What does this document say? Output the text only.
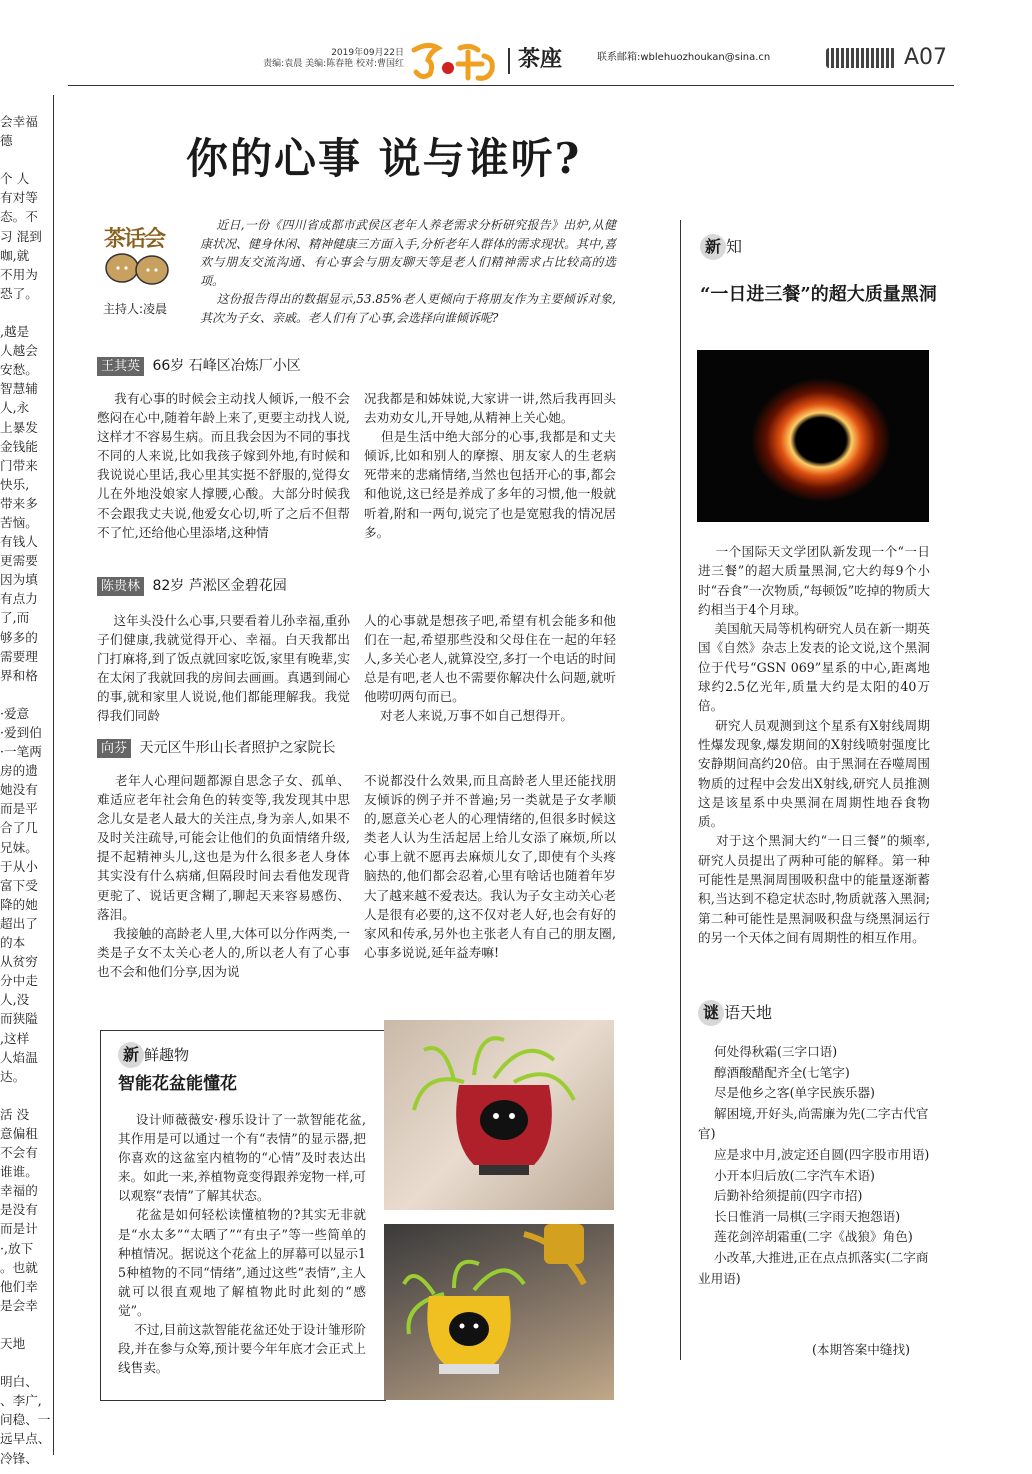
会幸福
德
个 人
有对等
态。不
习 混到
咖,就
不用为
恐了。
,越是
人越会
安愁。
智慧辅
人,永
上暴发
金钱能
门带来
快乐,
带来多
苦恼。
有钱人
更需要
因为填
有点力
了,而
够多的
需要理
界和格
·爱意
·爱到伯
·一笔两
房的遗
她没有
而是平
合了几
兄妹。
于从小
富下受
降的她
超出了
的本
从贫穷
分中走
人,没
而狭隘
,这样
人焰温
达。
活 没
意偏租
不会有
谁谁。
幸福的
是没有
而是计
·,放下
。也就
他们幸
是会幸
天地
明白、
、李广,
问稳、一
远早点、
冷锋、
2019年09月22日
责编:袁晨 美编:陈春艳 校对:曹国红	茶座	联系邮箱:wblehuozhoukan@sina.cn	A07
你的心事 说与谁听?
茶话会
主持人:凌晨
近日,一份《四川省成都市武侯区老年人养老需求分析研究报告》出炉,从健康状况、健身休闲、精神健康三方面入手,分析老年人群体的需求现状。其中,喜欢与朋友交流沟通、有心事会与朋友聊天等是老人们精神需求占比较高的选项。
这份报告得出的数据显示,53.85%老人更倾向于将朋友作为主要倾诉对象,其次为子女、亲戚。老人们有了心事,会选择向谁倾诉呢?
王其英 66岁 石峰区冶炼厂小区
我有心事的时候会主动找人倾诉,一般不会憋闷在心中,随着年龄上来了,更要主动找人说,这样才不容易生病。而且我会因为不同的事找不同的人来说,比如我孩子嫁到外地,有时候和我说说心里话,我心里其实挺不舒服的,觉得女儿在外地没娘家人撑腰,心酸。大部分时候我不会跟我丈夫说,他爱女心切,听了之后不但帮不了忙,还给他心里添堵,这种情
况我都是和姊妹说,大家讲一讲,然后我再回头去劝劝女儿,开导她,从精神上关心她。
但是生活中绝大部分的心事,我都是和丈夫倾诉,比如和别人的摩擦、朋友家人的生老病死带来的悲痛情绪,当然也包括开心的事,都会和他说,这已经是养成了多年的习惯,他一般就听着,附和一两句,说完了也是宽慰我的情况居多。
陈贵林 82岁 芦淞区金碧花园
这年头没什么心事,只要看着儿孙幸福,重孙子们健康,我就觉得开心、幸福。白天我都出门打麻将,到了饭点就回家吃饭,家里有晚辈,实在太闲了我就回我的房间去画画。真遇到闹心的事,就和家里人说说,他们都能理解我。我觉得我们同龄
人的心事就是想孩子吧,希望有机会能多和他们在一起,希望那些没和父母住在一起的年轻人,多关心老人,就算没空,多打一个电话的时间总是有吧,老人也不需要你解决什么问题,就听他唠叨两句而已。
对老人来说,万事不如自己想得开。
向芬 天元区牛形山长者照护之家院长
老年人心理问题都源自思念子女、孤单、难适应老年社会角色的转变等,我发现其中思念儿女是老人最大的关注点,身为亲人,如果不及时关注疏导,可能会让他们的负面情绪升级,提不起精神头儿,这也是为什么很多老人身体其实没有什么病痛,但隔段时间去看他发现背更驼了、说话更含糊了,聊起天来容易感伤、落泪。
我接触的高龄老人里,大体可以分作两类,一类是子女不太关心老人的,所以老人有了心事也不会和他们分享,因为说
不说都没什么效果,而且高龄老人里还能找朋友倾诉的例子并不普遍;另一类就是子女孝顺的,愿意关心老人的心理情绪的,但很多时候这类老人认为生活起居上给儿女添了麻烦,所以心事上就不愿再去麻烦儿女了,即使有个头疼脑热的,他们都会忍着,心里有啥话也随着年岁大了越来越不爱表达。我认为子女主动关心老人是很有必要的,这不仅对老人好,也会有好的家风和传承,另外也主张老人有自己的朋友圈,心事多说说,延年益寿嘛!
新 鲜趣物
智能花盆能懂花
设计师薇薇安·穆乐设计了一款智能花盆,其作用是可以通过一个有“表情”的显示器,把你喜欢的这盆室内植物的“心情”及时表达出来。如此一来,养植物竟变得跟养宠物一样,可以观察“表情”了解其状态。
花盆是如何轻松读懂植物的?其实无非就是“水太多”“太晒了”“有虫子”等一些简单的种植情况。据说这个花盆上的屏幕可以显示15种植物的不同“情绪”,通过这些“表情”,主人就可以很直观地了解植物此时此刻的“感觉”。
不过,目前这款智能花盆还处于设计雏形阶段,并在参与众筹,预计要今年年底才会正式上线售卖。
新 知
“一日进三餐”的超大质量黑洞
一个国际天文学团队新发现一个“一日进三餐”的超大质量黑洞,它大约每9个小时“吞食”一次物质,“每顿饭”吃掉的物质大约相当于4个月球。
美国航天局等机构研究人员在新一期英国《自然》杂志上发表的论文说,这个黑洞位于代号“GSN 069”星系的中心,距离地球约2.5亿光年,质量大约是太阳的40万倍。
研究人员观测到这个星系有X射线周期性爆发现象,爆发期间的X射线喷射强度比安静期间高约20倍。由于黑洞在吞噬周围物质的过程中会发出X射线,研究人员推测这是该星系中央黑洞在周期性地吞食物质。
对于这个黑洞大约“一日三餐”的频率,研究人员提出了两种可能的解释。第一种可能性是黑洞周围吸积盘中的能量逐渐蓄积,当达到不稳定状态时,物质就落入黑洞;第二种可能性是黑洞吸积盘与绕黑洞运行的另一个天体之间有周期性的相互作用。
谜 语天地
何处得秋霜(三字口语)
醇酒酸醋配齐全(七笔字)
尽是他乡之客(单字民族乐器)
解困境,开好头,尚需廉为先(二字古代官官)
应是求中月,波定还自圆(四字股市用语)
小开本归后放(二字汽车术语)
后勤补给须提前(四字市招)
长日惟消一局棋(三字雨天抱怨语)
莲花剑淬胡霜重(二字《战狼》角色)
小改革,大推进,正在点点抓落实(二字商业用语)
(本期答案中缝找)
